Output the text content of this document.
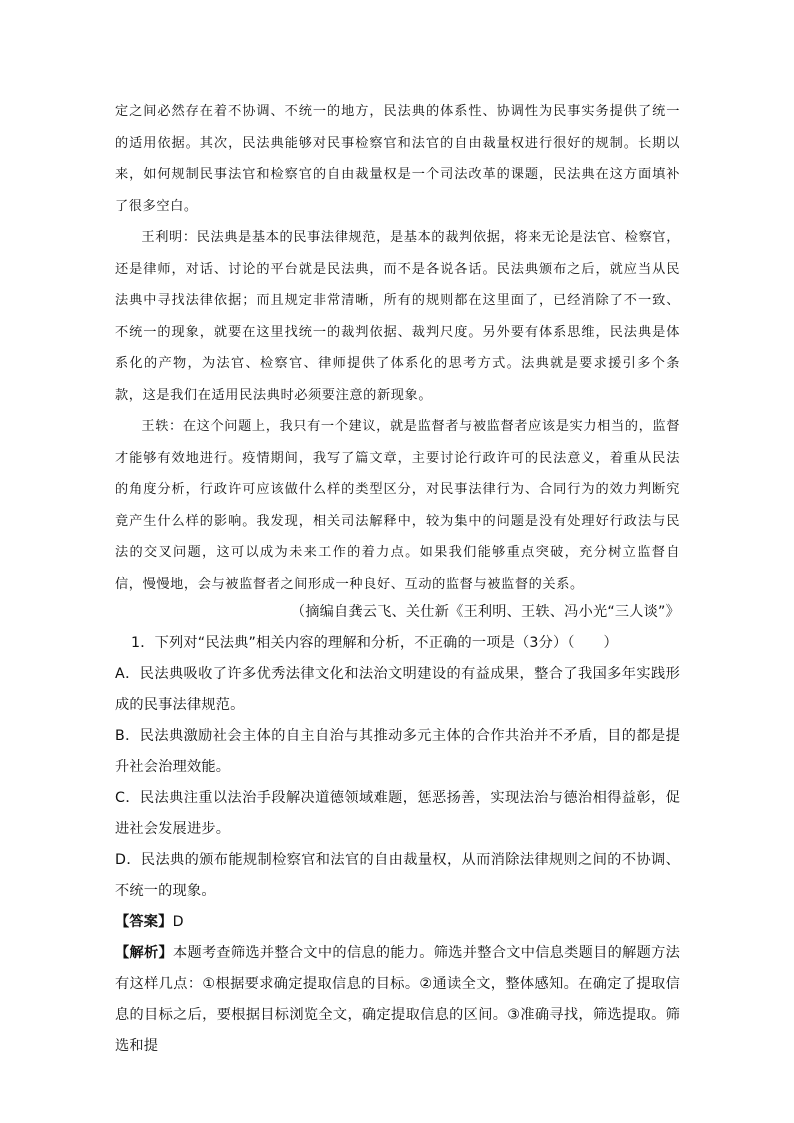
定之间必然存在着不协调、不统一的地方，民法典的体系性、协调性为民事实务提供了统一的适用依据。其次，民法典能够对民事检察官和法官的自由裁量权进行很好的规制。长期以来，如何规制民事法官和检察官的自由裁量权是一个司法改革的课题，民法典在这方面填补了很多空白。

王利明：民法典是基本的民事法律规范，是基本的裁判依据，将来无论是法官、检察官，还是律师，对话、讨论的平台就是民法典，而不是各说各话。民法典颁布之后，就应当从民法典中寻找法律依据；而且规定非常清晰，所有的规则都在这里面了，已经消除了不一致、不统一的现象，就要在这里找统一的裁判依据、裁判尺度。另外要有体系思维，民法典是体系化的产物，为法官、检察官、律师提供了体系化的思考方式。法典就是要求援引多个条款，这是我们在适用民法典时必须要注意的新现象。

王轶：在这个问题上，我只有一个建议，就是监督者与被监督者应该是实力相当的，监督才能够有效地进行。疫情期间，我写了篇文章，主要讨论行政许可的民法意义，着重从民法的角度分析，行政许可应该做什么样的类型区分，对民事法律行为、合同行为的效力判断究竟产生什么样的影响。我发现，相关司法解释中，较为集中的问题是没有处理好行政法与民法的交叉问题，这可以成为未来工作的着力点。如果我们能够重点突破，充分树立监督自信，慢慢地，会与被监督者之间形成一种良好、互动的监督与被监督的关系。

（摘编自龚云飞、关仕新《王利明、王轶、冯小光“三人谈”》

1．下列对“民法典”相关内容的理解和分析，不正确的一项是（3分）（　　）

A．民法典吸收了许多优秀法律文化和法治文明建设的有益成果，整合了我国多年实践形成的民事法律规范。

B．民法典激励社会主体的自主自治与其推动多元主体的合作共治并不矛盾，目的都是提升社会治理效能。

C．民法典注重以法治手段解决道德领域难题，惩恶扬善，实现法治与德治相得益彰，促进社会发展进步。

D．民法典的颁布能规制检察官和法官的自由裁量权，从而消除法律规则之间的不协调、不统一的现象。

【答案】D

【解析】本题考查筛选并整合文中的信息的能力。筛选并整合文中信息类题目的解题方法有这样几点：①根据要求确定提取信息的目标。②通读全文，整体感知。在确定了提取信息的目标之后，要根据目标浏览全文，确定提取信息的区间。③准确寻找，筛选提取。筛选和提
